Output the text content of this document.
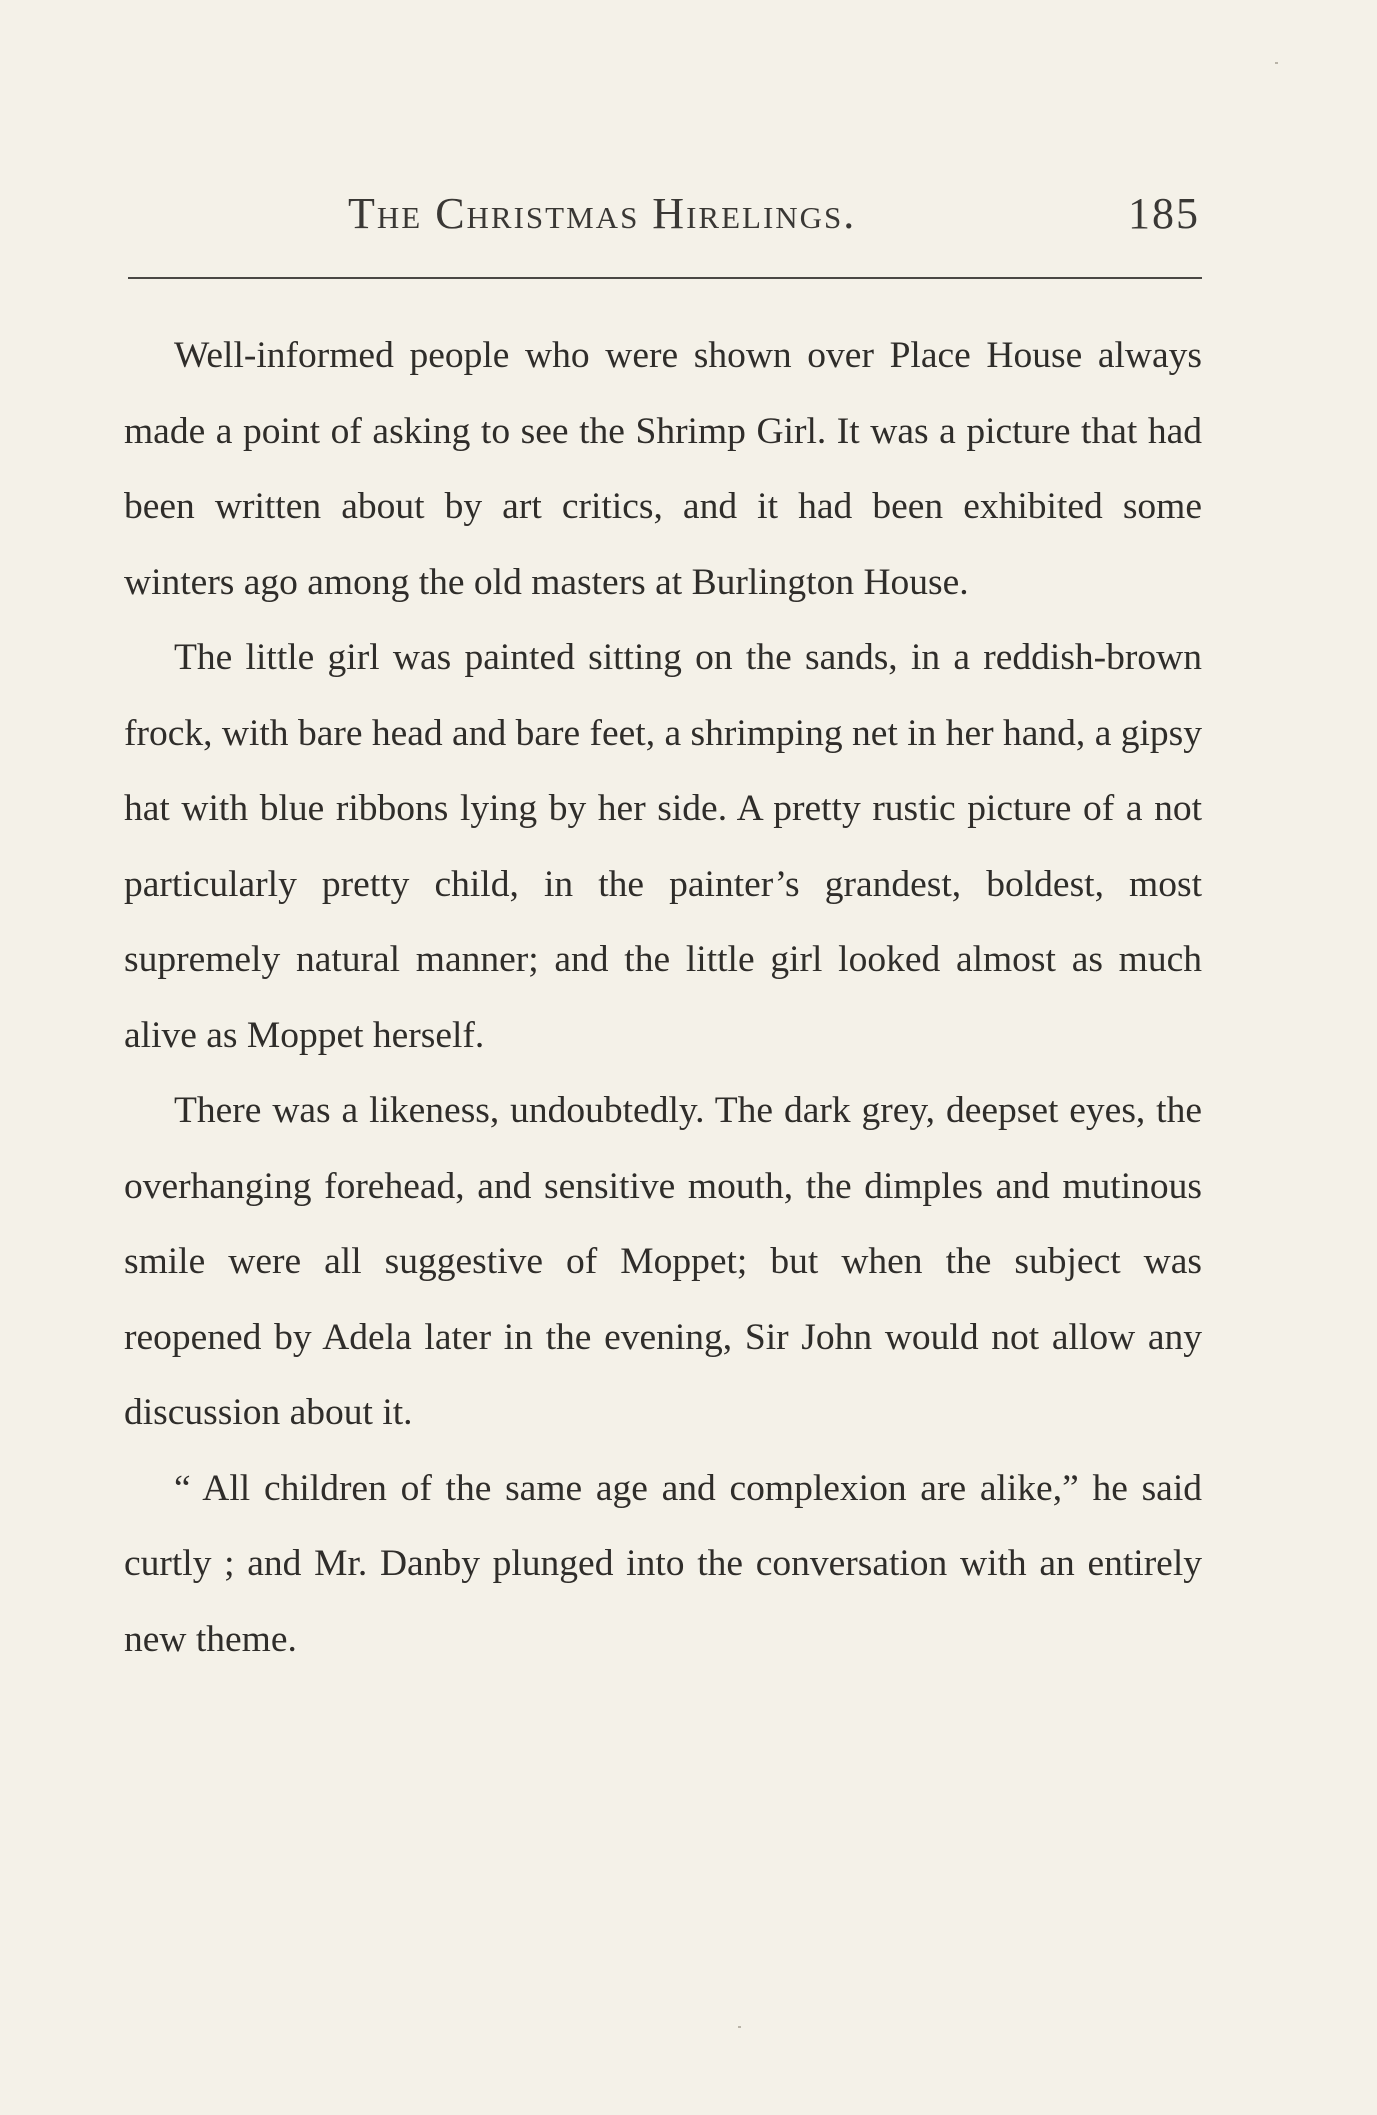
The Christmas Hirelings.	185

Well-informed people who were shown over Place House always made a point of asking to see the Shrimp Girl. It was a picture that had been written about by art critics, and it had been exhibited some winters ago among the old masters at Burlington House.

The little girl was painted sitting on the sands, in a reddish-brown frock, with bare head and bare feet, a shrimping net in her hand, a gipsy hat with blue ribbons lying by her side. A pretty rustic picture of a not particularly pretty child, in the painter’s grandest, boldest, most supremely natural manner; and the little girl looked almost as much alive as Moppet herself.

There was a likeness, undoubtedly. The dark grey, deepset eyes, the overhanging forehead, and sensitive mouth, the dimples and mutinous smile were all suggestive of Moppet; but when the subject was reopened by Adela later in the evening, Sir John would not allow any discussion about it.

“ All children of the same age and complexion are alike,” he said curtly ; and Mr. Danby plunged into the conversation with an entirely new theme.
